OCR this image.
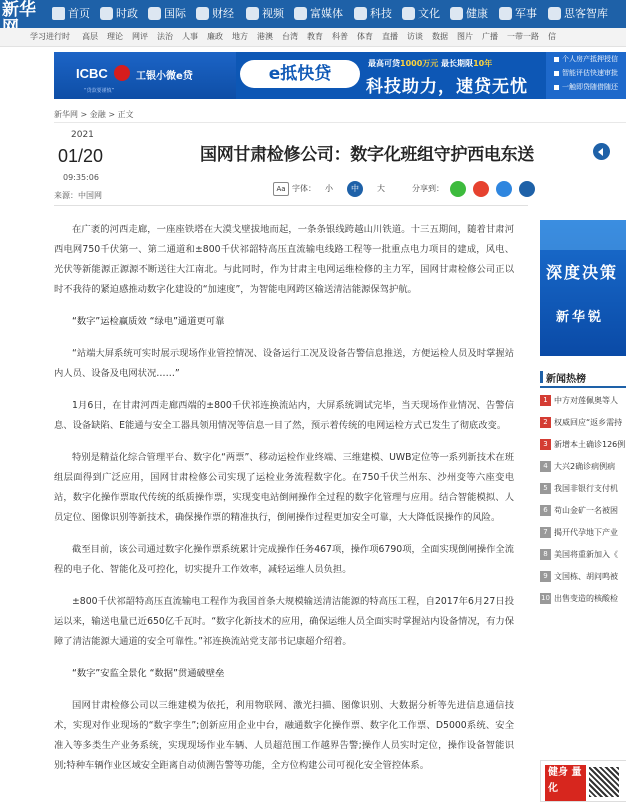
新华	首页	时政	国际	财经	视频	富媒体	科技	文化	健康	军事	思客智库
学习进行时 高层 理论 网评 法治 人事 廉政 地方 港澳 台湾 教育 科普 体育 直播 访谈 数据 图片 广播 一带一路 信
ICBC	工银小微e贷
“贷款要谨慎”
e抵快贷
最高可贷1000万元 最长期限10年
科技助力，速贷无忧
个人房产抵押授信
智能评估快速审批
一触即贷随借随还
新华网 > 金融 > 正文
2021
01/20
09:35:06
来源：中国网
国网甘肃检修公司：数字化班组守护西电东送
Aa 字体：	小	中	大	分享到：

在广袤的河西走廊，一座座铁塔在大漠戈壁拔地而起，一条条银线跨越山川铁道。十三五期间，随着甘肃河西电网750千伏第一、第二通道和±800千伏祁韶特高压直流输电线路工程等一批重点电力项目的建成，风电、光伏等新能源正源源不断送往大江南北。与此同时，作为甘肃主电网运维检修的主力军，国网甘肃检修公司正以时不我待的紧迫感推动数字化建设的“加速度”，为智能电网跨区输送清洁能源保驾护航。

“数字”运检赢质效 “绿电”通道更可靠

“站端大屏系统可实时展示现场作业管控情况、设备运行工况及设备告警信息推送，方便运检人员及时掌握站内人员、设备及电网状况……”

1月6日，在甘肃河西走廊西端的±800千伏祁连换流站内，大屏系统调试完毕，当天现场作业情况、告警信息、设备缺陷、E能通与安全工器具领用情况等信息一目了然，预示着传统的电网运检方式已发生了彻底改变。

特别是精益化综合管理平台、数字化“两票”、移动运检作业终端、三维建模、UWB定位等一系列新技术在班组层面得到广泛应用，国网甘肃检修公司实现了运检业务流程数字化。在750千伏兰州东、沙州变等六座变电站，数字化操作票取代传统的纸质操作票，实现变电站倒闸操作全过程的数字化管理与应用。结合智能模拟、人员定位、图像识别等新技术，确保操作票的精准执行，倒闸操作过程更加安全可靠，大大降低误操作的风险。

截至目前，该公司通过数字化操作票系统累计完成操作任务467项，操作项6790项，全面实现倒闸操作全流程的电子化、智能化及可控化，切实提升工作效率，减轻运维人员负担。

±800千伏祁韶特高压直流输电工程作为我国首条大规模输送清洁能源的特高压工程，自2017年6月27日投运以来，输送电量已近650亿千瓦时。“数字化新技术的应用，确保运维人员全面实时掌握站内设备情况，有力保障了清洁能源大通道的安全可靠性。”祁连换流站党支部书记康超介绍着。

“数字”安监全景化 “数据”贯通破壁垒

国网甘肃检修公司以三维建模为依托，利用物联网、激光扫描、图像识别、大数据分析等先进信息通信技术，实现对作业现场的“数字孪生”;创新应用企业中台，融通数字化操作票、数字化工作票、D5000系统、安全准入等多类生产业务系统，实现现场作业车辆、人员超范围工作越界告警;操作人员实时定位，操作设备智能识别;特种车辆作业区域安全距离自动侦测告警等功能，全方位构建公司可视化安全管控体系。

深度决策
新华锐
新闻热榜
1 中方对莲佩奥等人
2 权威回应“返乡需持
3 新增本土确诊126例
4 大兴2确诊病例病
5 我国非银行支付机
6 苟山金矿一名被困
7 揭开代孕地下产业
8 美国将重新加入《
9 文国栋、胡问鸣被
10 出售变造的核酸检
健身 量化
